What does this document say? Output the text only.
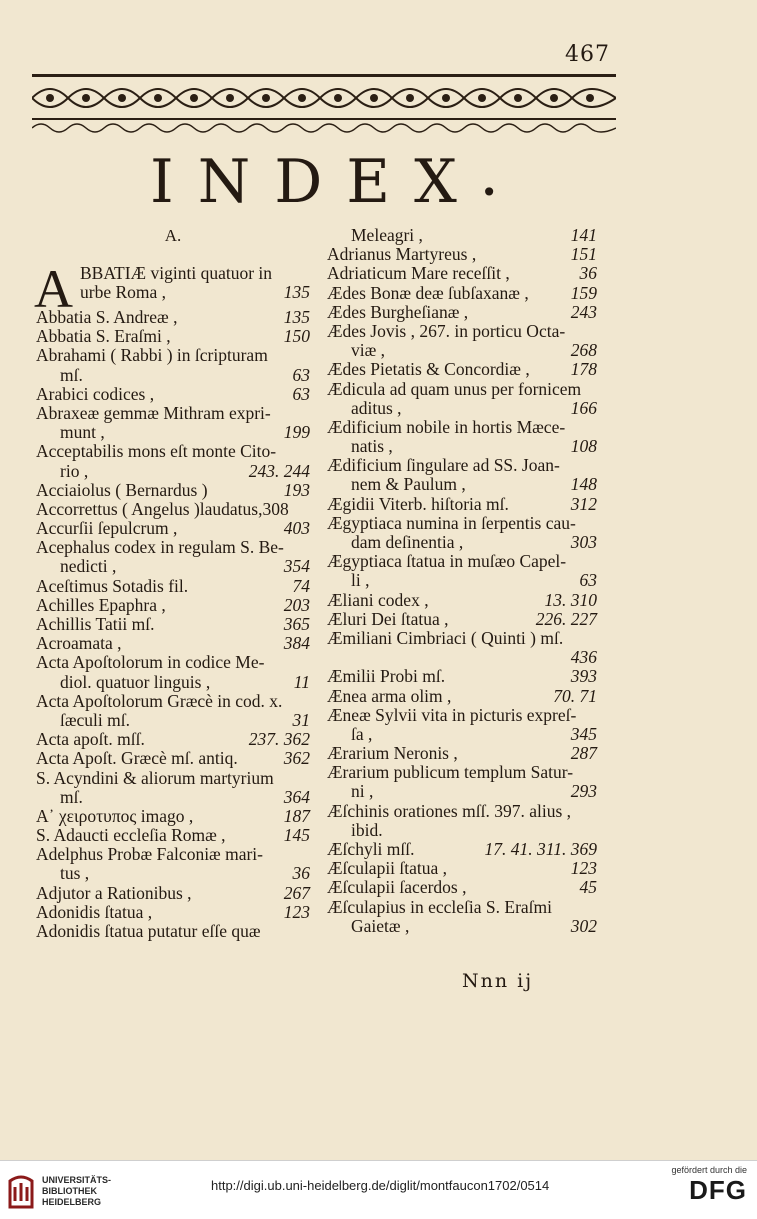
467
INDEX•
A.
A BBATIÆ viginti quatuor in
urbe Roma ,	135
Abbatia S. Andreæ ,	135
Abbatia S. Eraſmi ,	150
Abrahami ( Rabbi ) in ſcripturam
mſ.	63
Arabici codices ,	63
Abraxeæ gemmæ Mithram expri-
munt ,	199
Acceptabilis mons eſt monte Cito-
rio ,	243. 244
Acciaiolus ( Bernardus )	193
Accorrettus ( Angelus )laudatus,308
Accurſii ſepulcrum ,	403
Acephalus codex in regulam S. Be-
nedicti ,	354
Aceſtimus Sotadis fil.	74
Achilles Epaphra ,	203
Achillis Tatii mſ.	365
Acroamata ,	384
Acta Apoſtolorum in codice Me-
diol. quatuor linguis ,	11
Acta Apoſtolorum Græcè in cod. x.
ſæculi mſ.	31
Acta apoſt. mſſ.	237. 362
Acta Apoſt. Græcè mſ. antiq.	362
S. Acyndini & aliorum martyrium
mſ.	364
Α᾽ χειροτυπος imago ,	187
S. Adaucti eccleſia Romæ ,	145
Adelphus Probæ Falconiæ mari-
tus ,	36
Adjutor a Rationibus ,	267
Adonidis ſtatua ,	123
Adonidis ſtatua putatur eſſe quæ
Meleagri ,	141
Adrianus Martyreus ,	151
Adriaticum Mare receſſit ,	36
Ædes Bonæ deæ ſubſaxanæ , 159
Ædes Burgheſianæ ,	243
Ædes Jovis , 267. in porticu Octa-
viæ ,	268
Ædes Pietatis & Concordiæ , 178
Ædicula ad quam unus per fornicem
aditus ,	166
Ædificium nobile in hortis Mæce-
natis ,	108
Ædificium ſingulare ad SS. Joan-
nem & Paulum ,	148
Ægidii Viterb. hiſtoria mſ.	312
Ægyptiaca numina in ſerpentis cau-
dam deſinentia ,	303
Ægyptiaca ſtatua in muſæo Capel-
li ,	63
Æliani codex ,	13. 310
Æluri Dei ſtatua ,	226. 227
Æmiliani Cimbriaci ( Quinti ) mſ.
436
Æmilii Probi mſ.	393
Ænea arma olim ,	70. 71
Æneæ Sylvii vita in picturis expreſ-
ſa ,	345
Ærarium Neronis ,	287
Ærarium publicum templum Satur-
ni ,	293
Æſchinis orationes mſſ. 397. alius ,
ibid.
Æſchyli mſſ.	17. 41. 311. 369
Æſculapii ſtatua ,	123
Æſculapii ſacerdos ,	45
Æſculapius in eccleſia S. Eraſmi
Gaietæ ,	302
Nnn ij
UNIVERSITÄTS-
BIBLIOTHEK
HEIDELBERG
http://digi.ub.uni-heidelberg.de/diglit/montfaucon1702/0514
gefördert durch die
DFG
